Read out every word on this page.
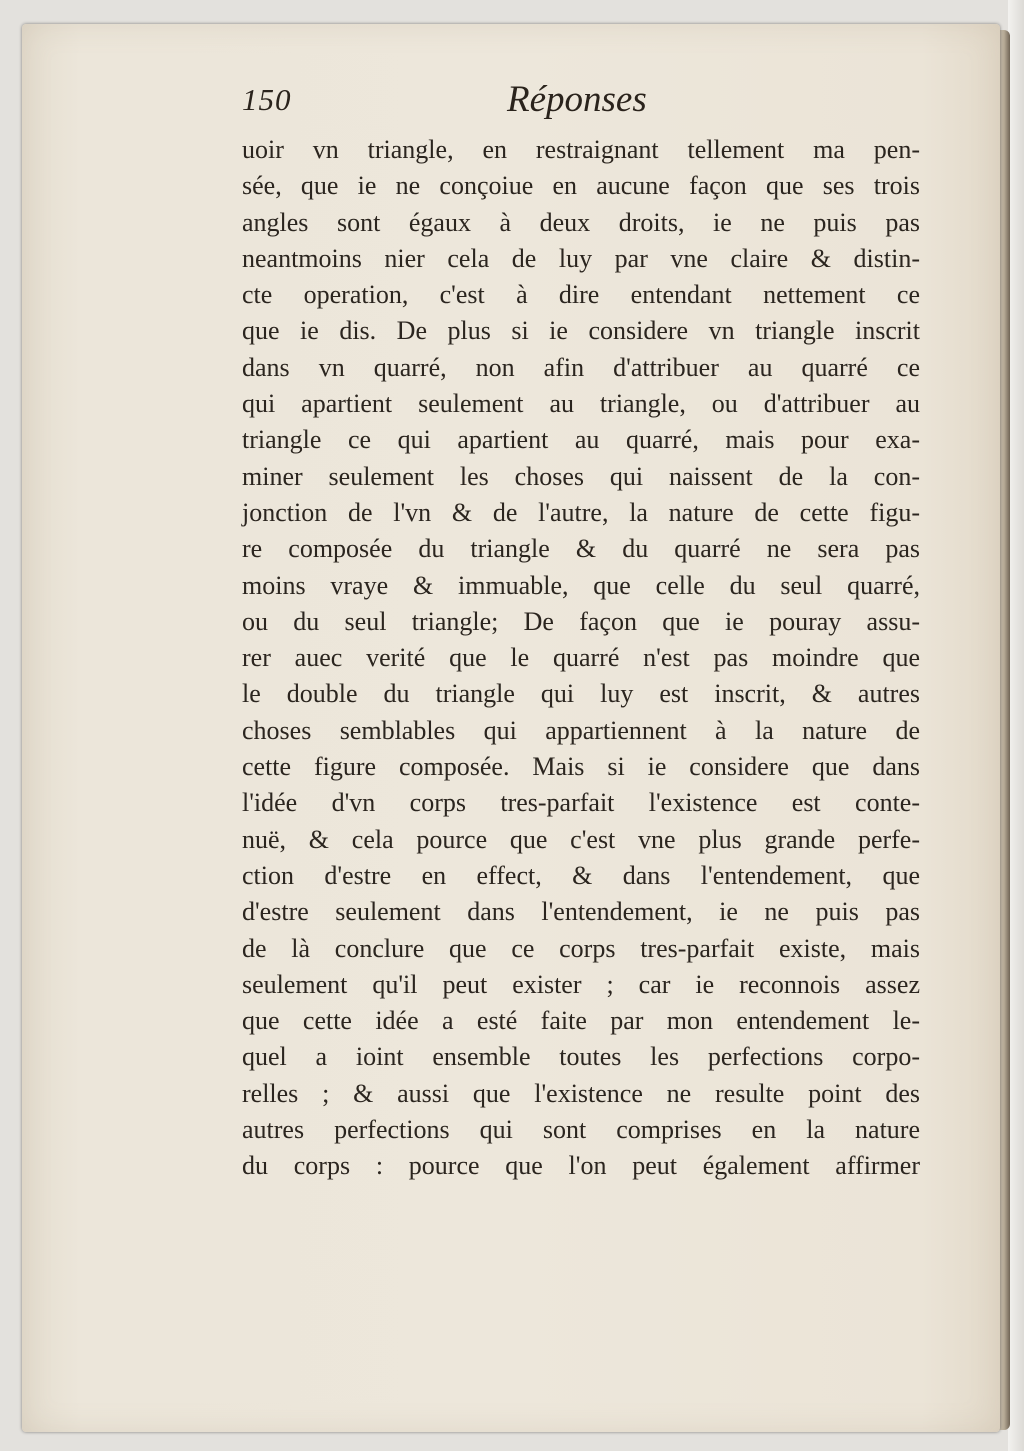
150	Réponses
uoir vn triangle, en restraignant tellement ma pen-
sée, que ie ne conçoiue en aucune façon que ses trois
angles sont égaux à deux droits, ie ne puis pas
neantmoins nier cela de luy par vne claire & distin-
cte operation, c'est à dire entendant nettement ce
que ie dis. De plus si ie considere vn triangle inscrit
dans vn quarré, non afin d'attribuer au quarré ce
qui apartient seulement au triangle, ou d'attribuer au
triangle ce qui apartient au quarré, mais pour exa-
miner seulement les choses qui naissent de la con-
jonction de l'vn & de l'autre, la nature de cette figu-
re composée du triangle & du quarré ne sera pas
moins vraye & immuable, que celle du seul quarré,
ou du seul triangle; De façon que ie pouray assu-
rer auec verité que le quarré n'est pas moindre que
le double du triangle qui luy est inscrit, & autres
choses semblables qui appartiennent à la nature de
cette figure composée. Mais si ie considere que dans
l'idée d'vn corps tres-parfait l'existence est conte-
nuë, & cela pource que c'est vne plus grande perfe-
ction d'estre en effect, & dans l'entendement, que
d'estre seulement dans l'entendement, ie ne puis pas
de là conclure que ce corps tres-parfait existe, mais
seulement qu'il peut exister ; car ie reconnois assez
que cette idée a esté faite par mon entendement le-
quel a ioint ensemble toutes les perfections corpo-
relles ; & aussi que l'existence ne resulte point des
autres perfections qui sont comprises en la nature
du corps : pource que l'on peut également affirmer
